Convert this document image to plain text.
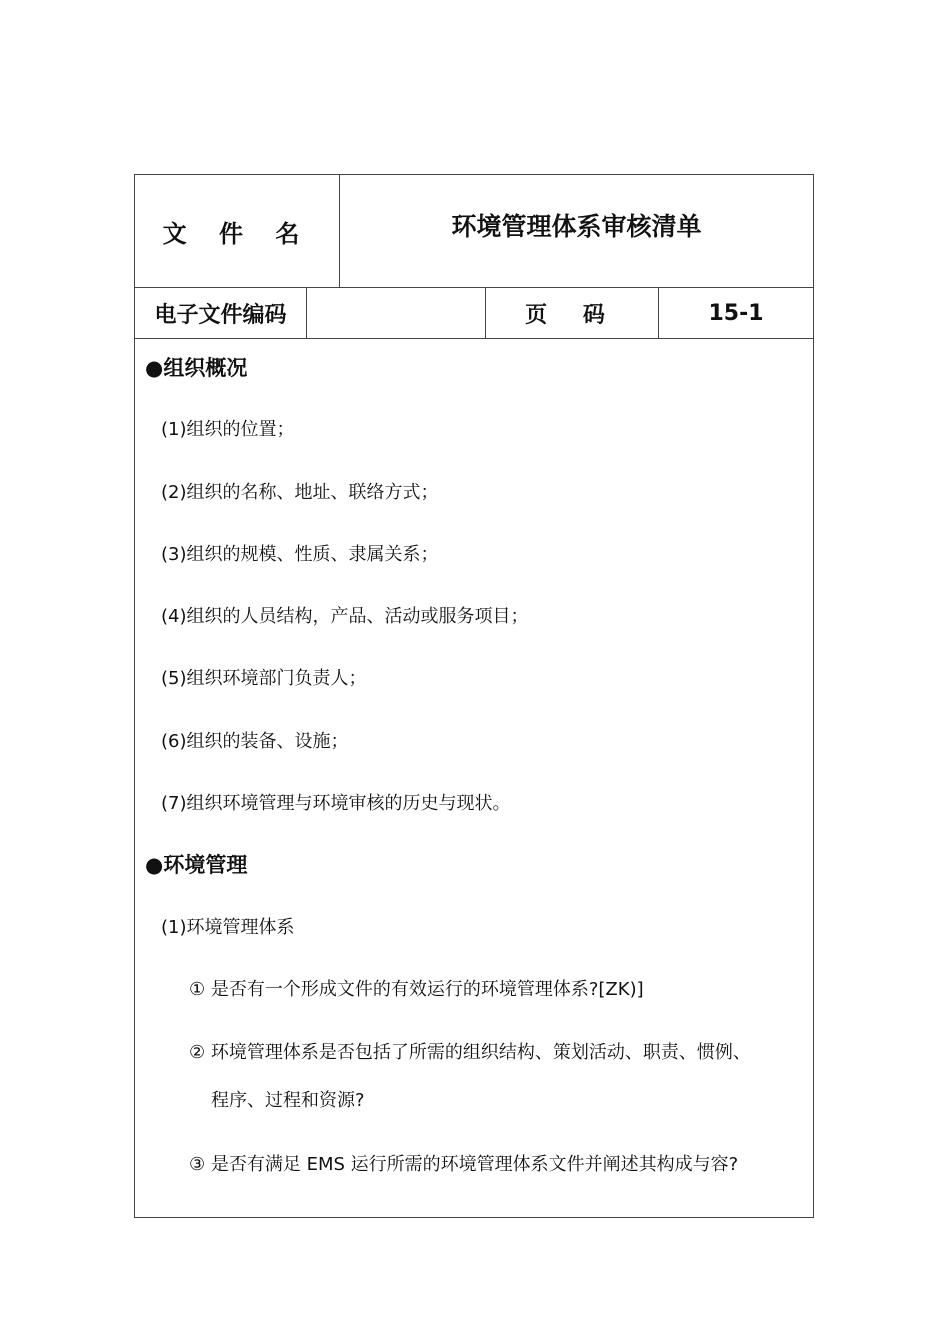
文 件 名	环境管理体系审核清单
电子文件编码	页 码	15-1
●组织概况
(1)组织的位置；
(2)组织的名称、地址、联络方式；
(3)组织的规模、性质、隶属关系；
(4)组织的人员结构，产品、活动或服务项目；
(5)组织环境部门负责人；
(6)组织的装备、设施；
(7)组织环境管理与环境审核的历史与现状。
●环境管理
(1)环境管理体系
① 是否有一个形成文件的有效运行的环境管理体系?[ZK)]
② 环境管理体系是否包括了所需的组织结构、策划活动、职责、惯例、
程序、过程和资源?
③ 是否有满足 EMS 运行所需的环境管理体系文件并阐述其构成与容?
